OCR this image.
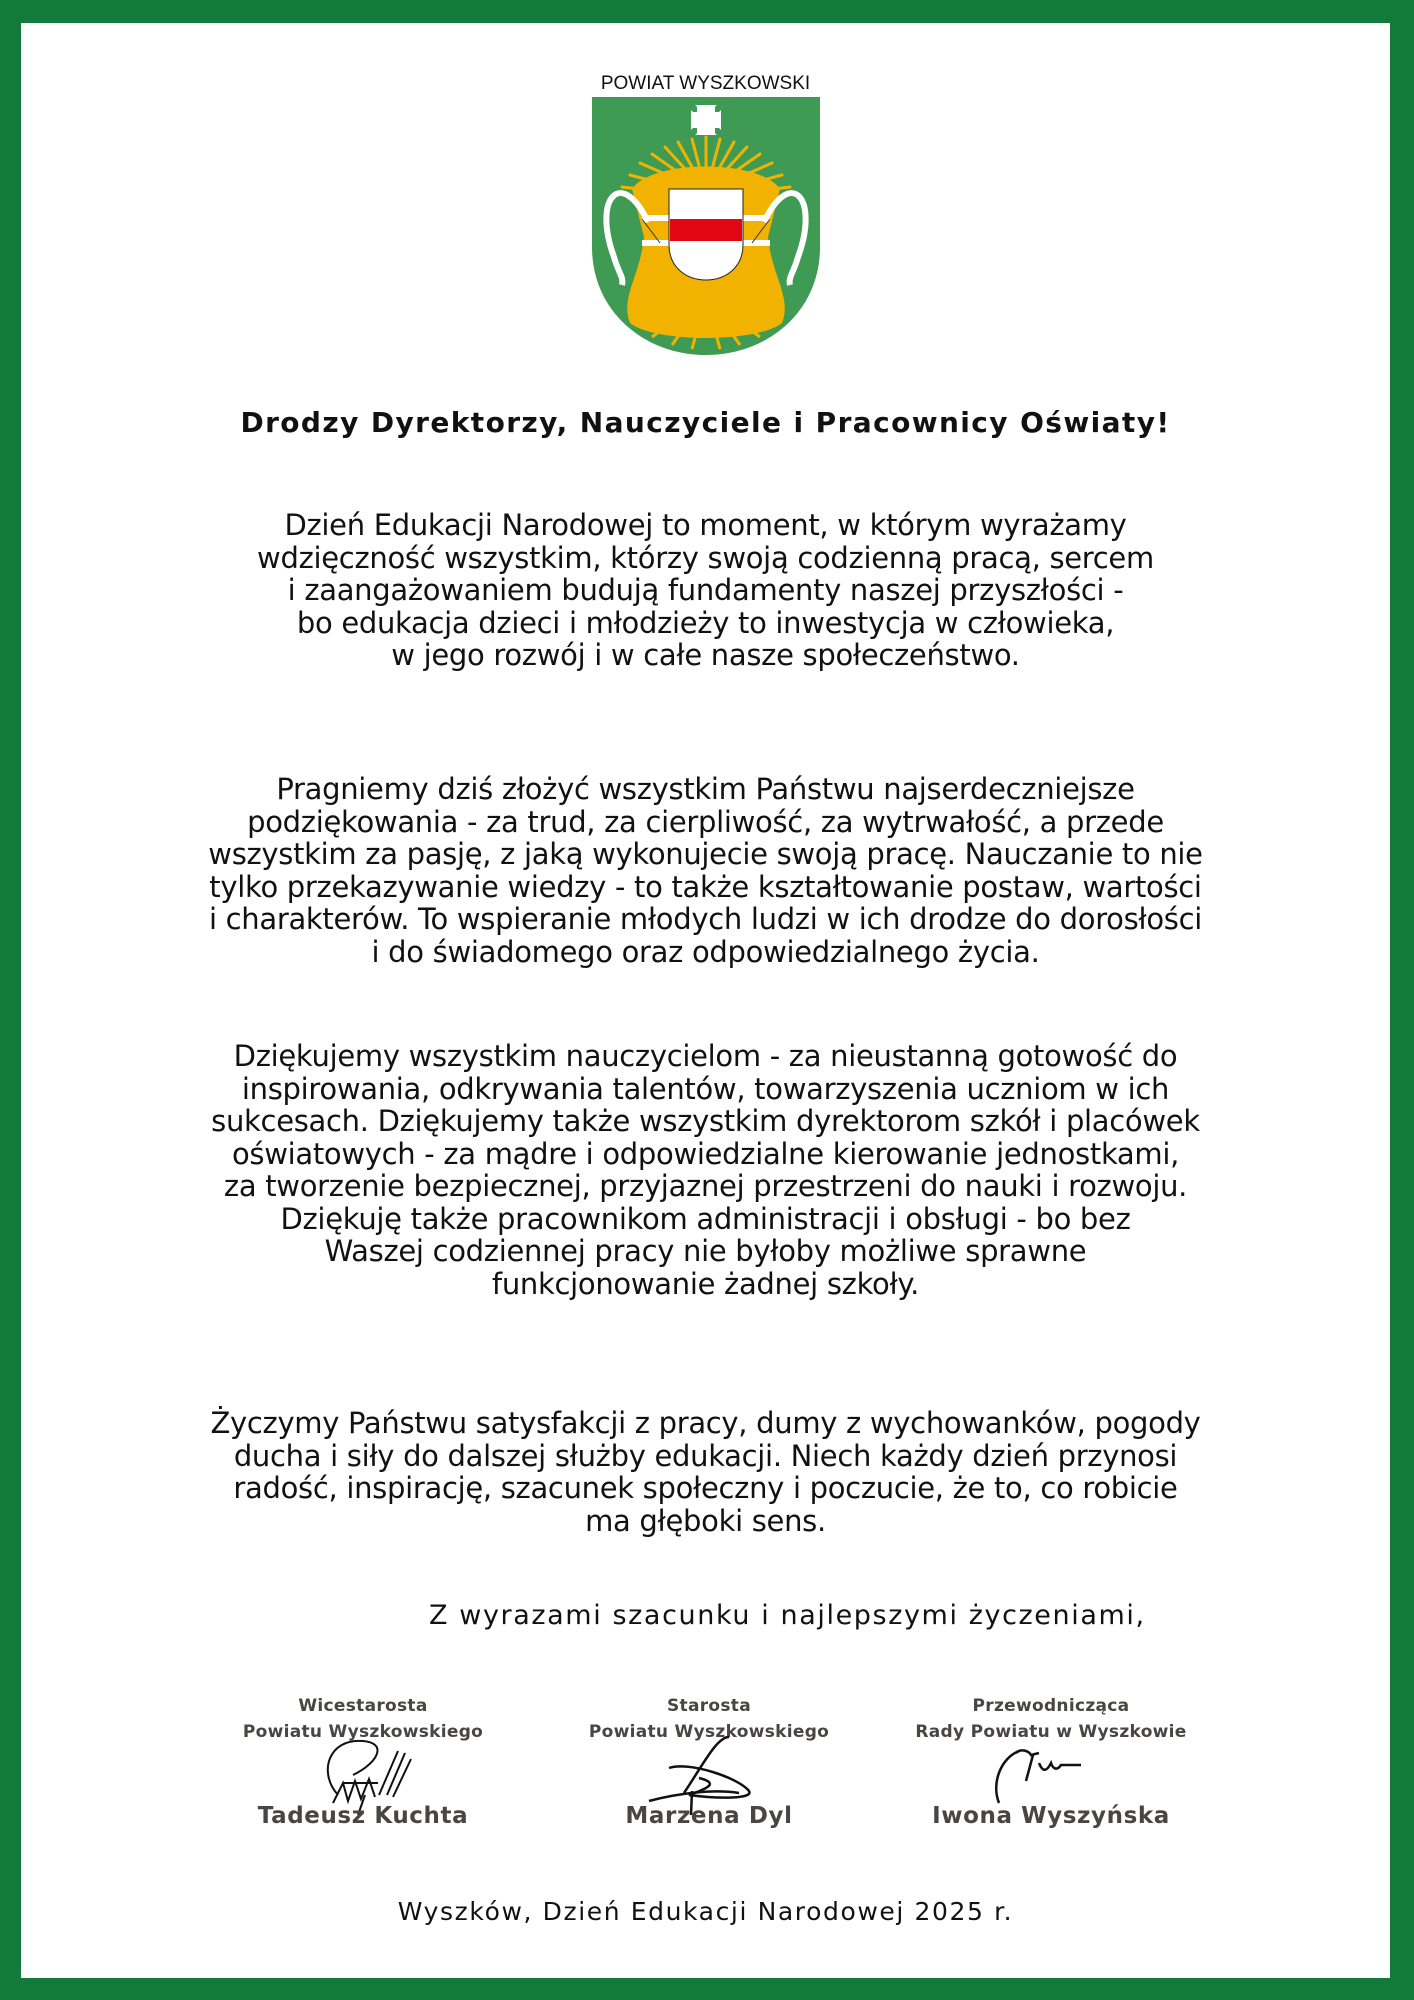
POWIAT WYSZKOWSKI

Drodzy Dyrektorzy, Nauczyciele i Pracownicy Oświaty!

Dzień Edukacji Narodowej to moment, w którym wyrażamy
wdzięczność wszystkim, którzy swoją codzienną pracą, sercem
i zaangażowaniem budują fundamenty naszej przyszłości -
bo edukacja dzieci i młodzieży to inwestycja w człowieka,
w jego rozwój i w całe nasze społeczeństwo.

Pragniemy dziś złożyć wszystkim Państwu najserdeczniejsze
podziękowania - za trud, za cierpliwość, za wytrwałość, a przede
wszystkim za pasję, z jaką wykonujecie swoją pracę. Nauczanie to nie
tylko przekazywanie wiedzy - to także kształtowanie postaw, wartości
i charakterów. To wspieranie młodych ludzi w ich drodze do dorosłości
i do świadomego oraz odpowiedzialnego życia.

Dziękujemy wszystkim nauczycielom - za nieustanną gotowość do
inspirowania, odkrywania talentów, towarzyszenia uczniom w ich
sukcesach. Dziękujemy także wszystkim dyrektorom szkół i placówek
oświatowych - za mądre i odpowiedzialne kierowanie jednostkami,
za tworzenie bezpiecznej, przyjaznej przestrzeni do nauki i rozwoju.
Dziękuję także pracownikom administracji i obsługi - bo bez
Waszej codziennej pracy nie byłoby możliwe sprawne
funkcjonowanie żadnej szkoły.

Życzymy Państwu satysfakcji z pracy, dumy z wychowanków, pogody
ducha i siły do dalszej służby edukacji. Niech każdy dzień przynosi
radość, inspirację, szacunek społeczny i poczucie, że to, co robicie
ma głęboki sens.

Z wyrazami szacunku i najlepszymi życzeniami,

Wicestarosta
Powiatu Wyszkowskiego
Tadeusz Kuchta
Starosta
Powiatu Wyszkowskiego
Marzena Dyl
Przewodnicząca
Rady Powiatu w Wyszkowie
Iwona Wyszyńska

Wyszków, Dzień Edukacji Narodowej 2025 r.
